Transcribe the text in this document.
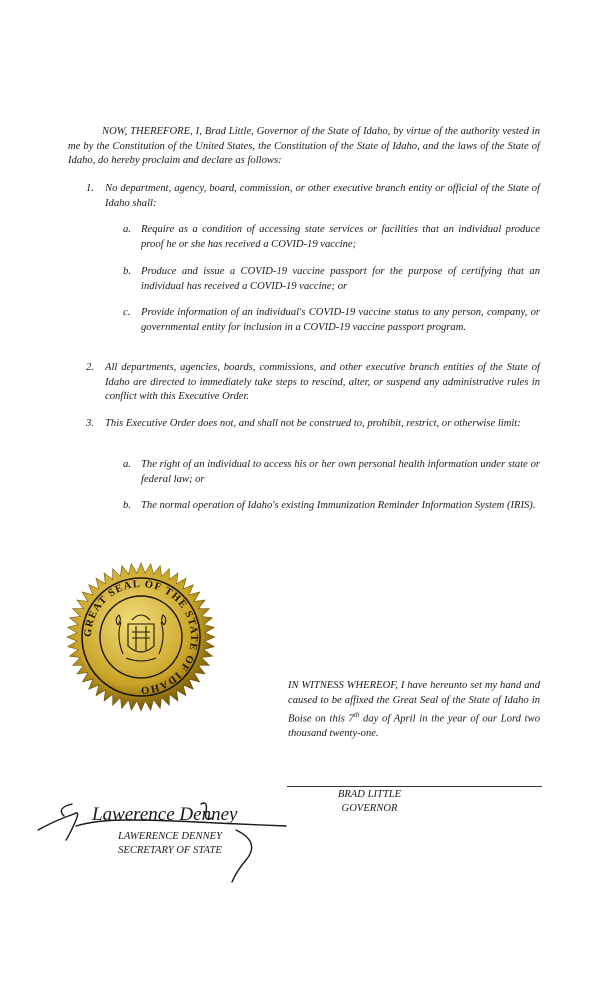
NOW, THEREFORE, I, Brad Little, Governor of the State of Idaho, by virtue of the authority vested in me by the Constitution of the United States, the Constitution of the State of Idaho, and the laws of the State of Idaho, do hereby proclaim and declare as follows:

1. No department, agency, board, commission, or other executive branch entity or official of the State of Idaho shall:

a. Require as a condition of accessing state services or facilities that an individual produce proof he or she has received a COVID-19 vaccine;

b. Produce and issue a COVID-19 vaccine passport for the purpose of certifying that an individual has received a COVID-19 vaccine; or

c. Provide information of an individual's COVID-19 vaccine status to any person, company, or governmental entity for inclusion in a COVID-19 vaccine passport program.

2. All departments, agencies, boards, commissions, and other executive branch entities of the State of Idaho are directed to immediately take steps to rescind, alter, or suspend any administrative rules in conflict with this Executive Order.

3. This Executive Order does not, and shall not be construed to, prohibit, restrict, or otherwise limit:

a. The right of an individual to access his or her own personal health information under state or federal law; or

b. The normal operation of Idaho's existing Immunization Reminder Information System (IRIS).

GREAT SEAL OF THE STATE OF IDAHO	IN WITNESS WHEREOF, I have hereunto set my hand and caused to be affixed the Great Seal of the State of Idaho in Boise on this 7th day of April in the year of our Lord two thousand twenty-one.

BRAD LITTLE
GOVERNOR
Lawerence Denney
LAWERENCE DENNEY
SECRETARY OF STATE
